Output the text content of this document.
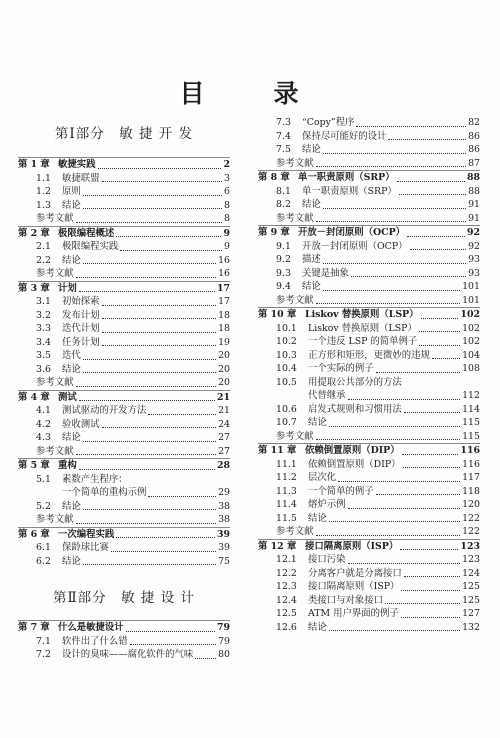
目　录
第Ⅰ部分　敏 捷 开 发
第 1 章 敏捷实践	2
1.1	敏捷联盟	3
1.2	原则	6
1.3	结论	8
参考文献	8
第 2 章 极限编程概述	9
2.1	极限编程实践	9
2.2	结论	16
参考文献	16
第 3 章 计划	17
3.1	初始探索	17
3.2	发布计划	18
3.3	迭代计划	18
3.4	任务计划	19
3.5	迭代	20
3.6	结论	20
参考文献	20
第 4 章 测试	21
4.1	测试驱动的开发方法	21
4.2	验收测试	24
4.3	结论	27
参考文献	27
第 5 章 重构	28
5.1	素数产生程序：
一个简单的重构示例	29
5.2	结论	38
参考文献	38
第 6 章 一次编程实践	39
6.1	保龄球比赛	39
6.2	结论	75
第Ⅱ部分　敏 捷 设 计
第 7 章 什么是敏捷设计	79
7.1	软件出了什么错	79
7.2	设计的臭味——腐化软件的气味	80
7.3	“Copy”程序	82
7.4	保持尽可能好的设计	86
7.5	结论	86
参考文献	87
第 8 章 单一职责原则（SRP）	88
8.1	单一职责原则（SRP）	88
8.2	结论	91
参考文献	91
第 9 章 开放－封闭原则（OCP）	92
9.1	开放－封闭原则（OCP）	92
9.2	描述	93
9.3	关键是抽象	93
9.4	结论	101
参考文献	101
第 10 章 Liskov 替换原则（LSP）	102
10.1	Liskov 替换原则（LSP）	102
10.2	一个违反 LSP 的简单例子	102
10.3	正方形和矩形，更微妙的违规	104
10.4	一个实际的例子	108
10.5	用提取公共部分的方法
代替继承	112
10.6	启发式规则和习惯用法	114
10.7	结论	115
参考文献	115
第 11 章 依赖倒置原则（DIP）	116
11.1	依赖倒置原则（DIP）	116
11.2	层次化	117
11.3	一个简单的例子	118
11.4	熔炉示例	120
11.5	结论	122
参考文献	122
第 12 章 接口隔离原则（ISP）	123
12.1	接口污染	123
12.2	分离客户就是分离接口	124
12.3	接口隔离原则（ISP）	125
12.4	类接口与对象接口	125
12.5	ATM 用户界面的例子	127
12.6	结论	132
